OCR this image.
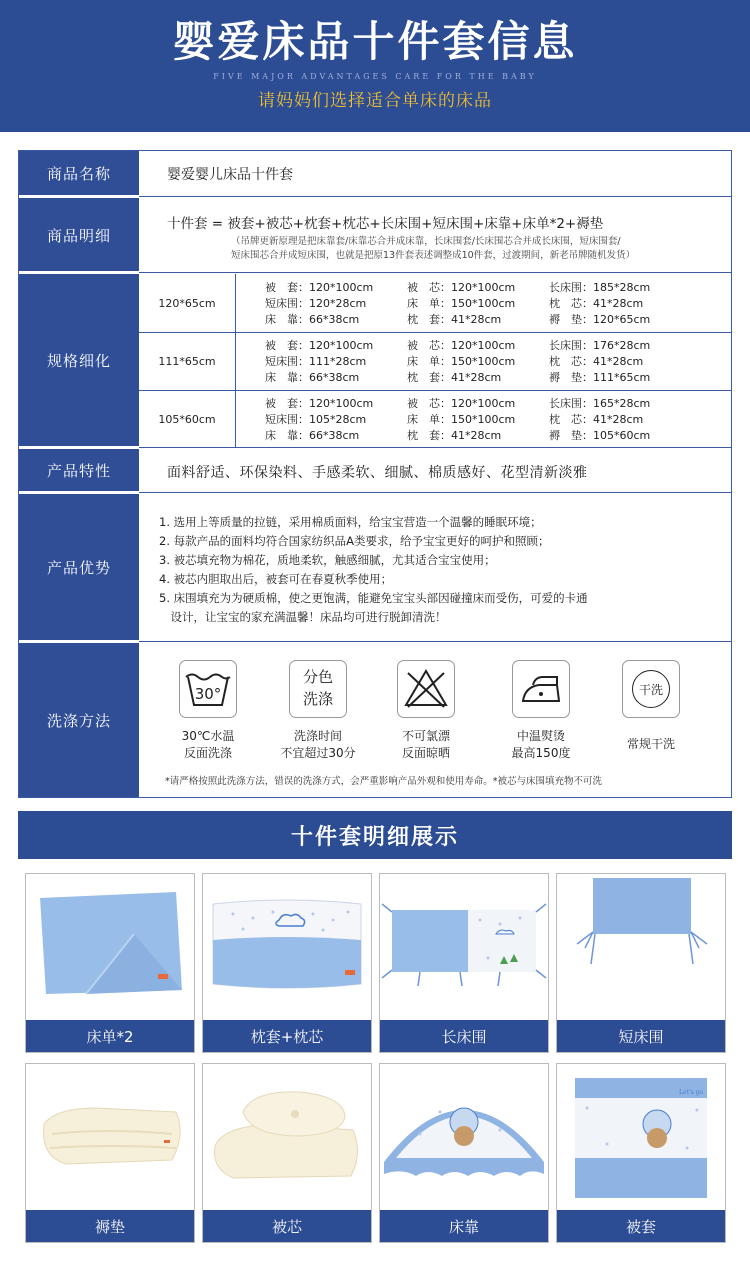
婴爱床品十件套信息
FIVE MAJOR ADVANTAGES CARE FOR THE BABY
请妈妈们选择适合单床的床品
商品名称	婴爱婴儿床品十件套
商品明细
十件套 = 被套+被芯+枕套+枕芯+长床围+短床围+床靠+床单*2+褥垫
（吊牌更新原理是把床靠套/床靠芯合并成床靠，长床围套/长床围芯合并成长床围，短床围套/
短床围芯合并成短床围，也就是把原13件套表述调整成10件套，过渡期间，新老吊牌随机发货）
规格细化
120*65cm
被　套：120*100cm	被　芯：120*100cm	长床围：185*28cm
短床围：120*28cm	床　单：150*100cm	枕　芯：41*28cm
床　靠：66*38cm	枕　套：41*28cm	褥　垫：120*65cm
111*65cm
被　套：120*100cm	被　芯：120*100cm	长床围：176*28cm
短床围：111*28cm	床　单：150*100cm	枕　芯：41*28cm
床　靠：66*38cm	枕　套：41*28cm	褥　垫：111*65cm
105*60cm
被　套：120*100cm	被　芯：120*100cm	长床围：165*28cm
短床围：105*28cm	床　单：150*100cm	枕　芯：41*28cm
床　靠：66*38cm	枕　套：41*28cm	褥　垫：105*60cm
产品特性	面料舒适、环保染料、手感柔软、细腻、棉质感好、花型清新淡雅
产品优势
1. 选用上等质量的拉链，采用棉质面料，给宝宝营造一个温馨的睡眠环境；
2. 每款产品的面料均符合国家纺织品A类要求，给予宝宝更好的呵护和照顾；
3. 被芯填充物为棉花，质地柔软，触感细腻，尤其适合宝宝使用；
4. 被芯内胆取出后，被套可在春夏秋季使用；
5. 床围填充为为硬质棉，使之更饱满，能避免宝宝头部因碰撞床而受伤，可爱的卡通
　设计，让宝宝的家充满温馨！床品均可进行脱卸清洗！
洗涤方法
30°
30℃水温
反面洗涤
分色
洗涤
洗涤时间
不宜超过30分
不可氯漂
反面晾晒
中温熨烫
最高150度
干洗
常规干洗
*请严格按照此洗涤方法，错误的洗涤方式，会严重影响产品外观和使用寿命。*被芯与床围填充物不可洗
十件套明细展示
床单*2	枕套+枕芯	长床围	短床围
褥垫	被芯	床靠
Let's go
被套
